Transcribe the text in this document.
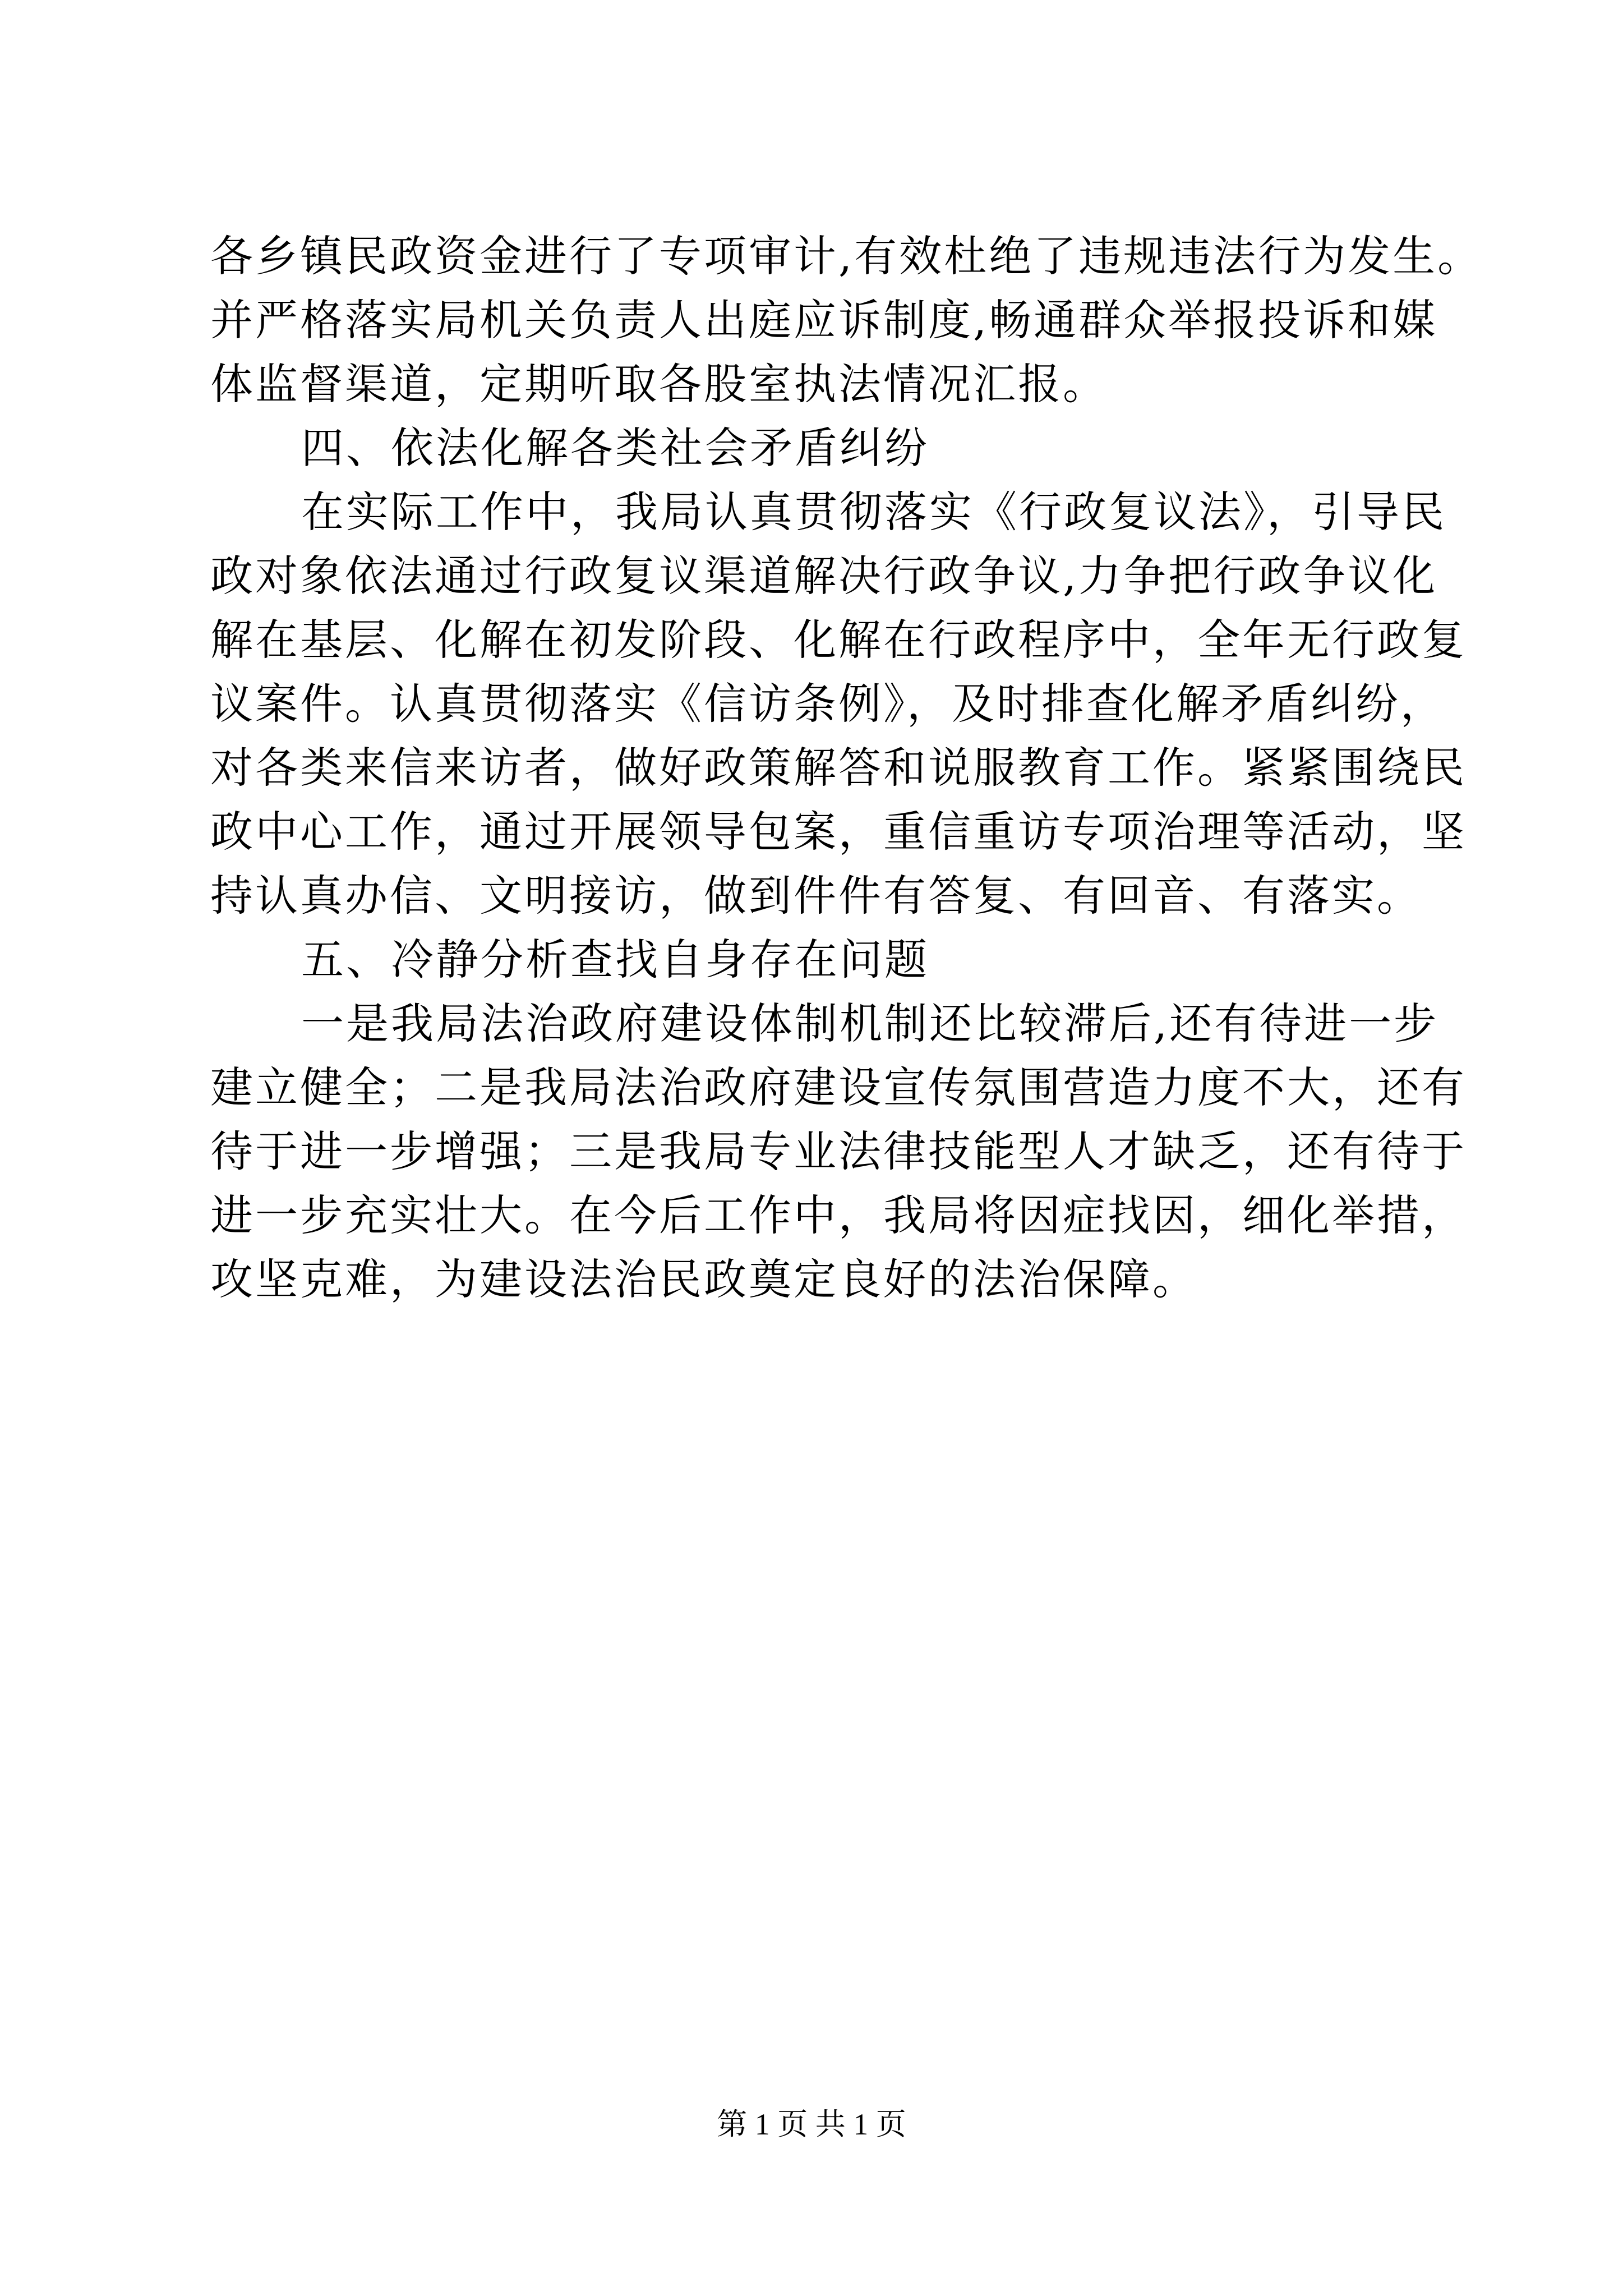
各乡镇民政资金进行了专项审计,有效杜绝了违规违法行为发生。
并严格落实局机关负责人出庭应诉制度,畅通群众举报投诉和媒
体监督渠道，定期听取各股室执法情况汇报。
四、依法化解各类社会矛盾纠纷
在实际工作中，我局认真贯彻落实《行政复议法》，引导民
政对象依法通过行政复议渠道解决行政争议,力争把行政争议化
解在基层、化解在初发阶段、化解在行政程序中，全年无行政复
议案件。认真贯彻落实《信访条例》，及时排查化解矛盾纠纷，
对各类来信来访者，做好政策解答和说服教育工作。紧紧围绕民
政中心工作，通过开展领导包案，重信重访专项治理等活动，坚
持认真办信、文明接访，做到件件有答复、有回音、有落实。
五、冷静分析查找自身存在问题
一是我局法治政府建设体制机制还比较滞后,还有待进一步
建立健全；二是我局法治政府建设宣传氛围营造力度不大，还有
待于进一步增强；三是我局专业法律技能型人才缺乏，还有待于
进一步充实壮大。在今后工作中，我局将因症找因，细化举措，
攻坚克难，为建设法治民政奠定良好的法治保障。
第 1 页 共 1 页
